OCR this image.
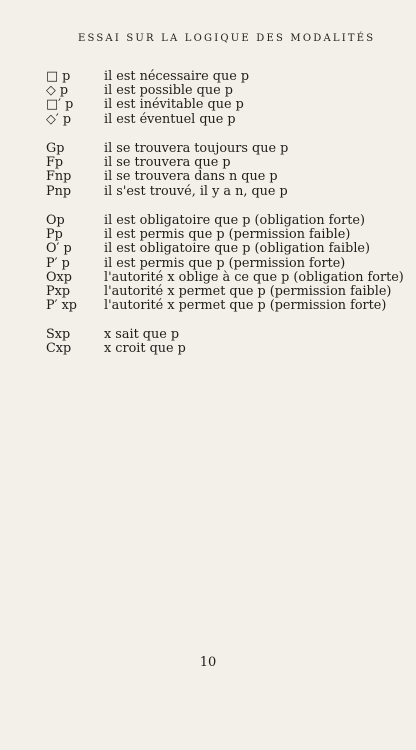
ESSAI SUR LA LOGIQUE DES MODALITÉS
□ p	il est nécessaire que p
◇ p	il est possible que p
□′ p	il est inévitable que p
◇′ p	il est éventuel que p
Gp	il se trouvera toujours que p
Fp	il se trouvera que p
Fnp	il se trouvera dans n que p
Pnp	il s'est trouvé, il y a n, que p
Op	il est obligatoire que p (obligation forte)
Pp	il est permis que p (permission faible)
O′ p	il est obligatoire que p (obligation faible)
P′ p	il est permis que p (permission forte)
Oxp	l'autorité x oblige à ce que p (obligation forte)
Pxp	l'autorité x permet que p (permission faible)
P′ xp	l'autorité x permet que p (permission forte)
Sxp	x sait que p
Cxp	x croit que p
10
